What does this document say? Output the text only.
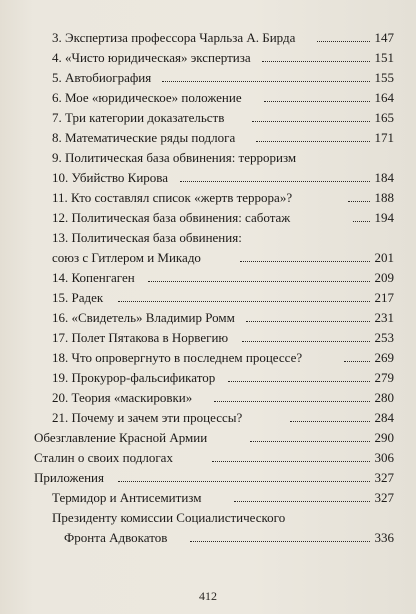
3. Экспертиза профессора Чарльза А. Бирда	147
4. «Чисто юридическая» экспертиза	151
5. Автобиография	155
6. Мое «юридическое» положение	164
7. Три категории доказательств	165
8. Математические ряды подлога	171
9. Политическая база обвинения: терроризм
10. Убийство Кирова	184
11. Кто составлял список «жертв террора»?	188
12. Политическая база обвинения: саботаж	194
13. Политическая база обвинения:
союз с Гитлером и Микадо	201
14. Копенгаген	209
15. Радек	217
16. «Свидетель» Владимир Ромм	231
17. Полет Пятакова в Норвегию	253
18. Что опровергнуто в последнем процессе?	269
19. Прокурор-фальсификатор	279
20. Теория «маскировки»	280
21. Почему и зачем эти процессы?	284
Обезглавление Красной Армии	290
Сталин о своих подлогах	306
Приложения	327
Термидор и Антисемитизм	327
Президенту комиссии Социалистического
Фронта Адвокатов	336
412
